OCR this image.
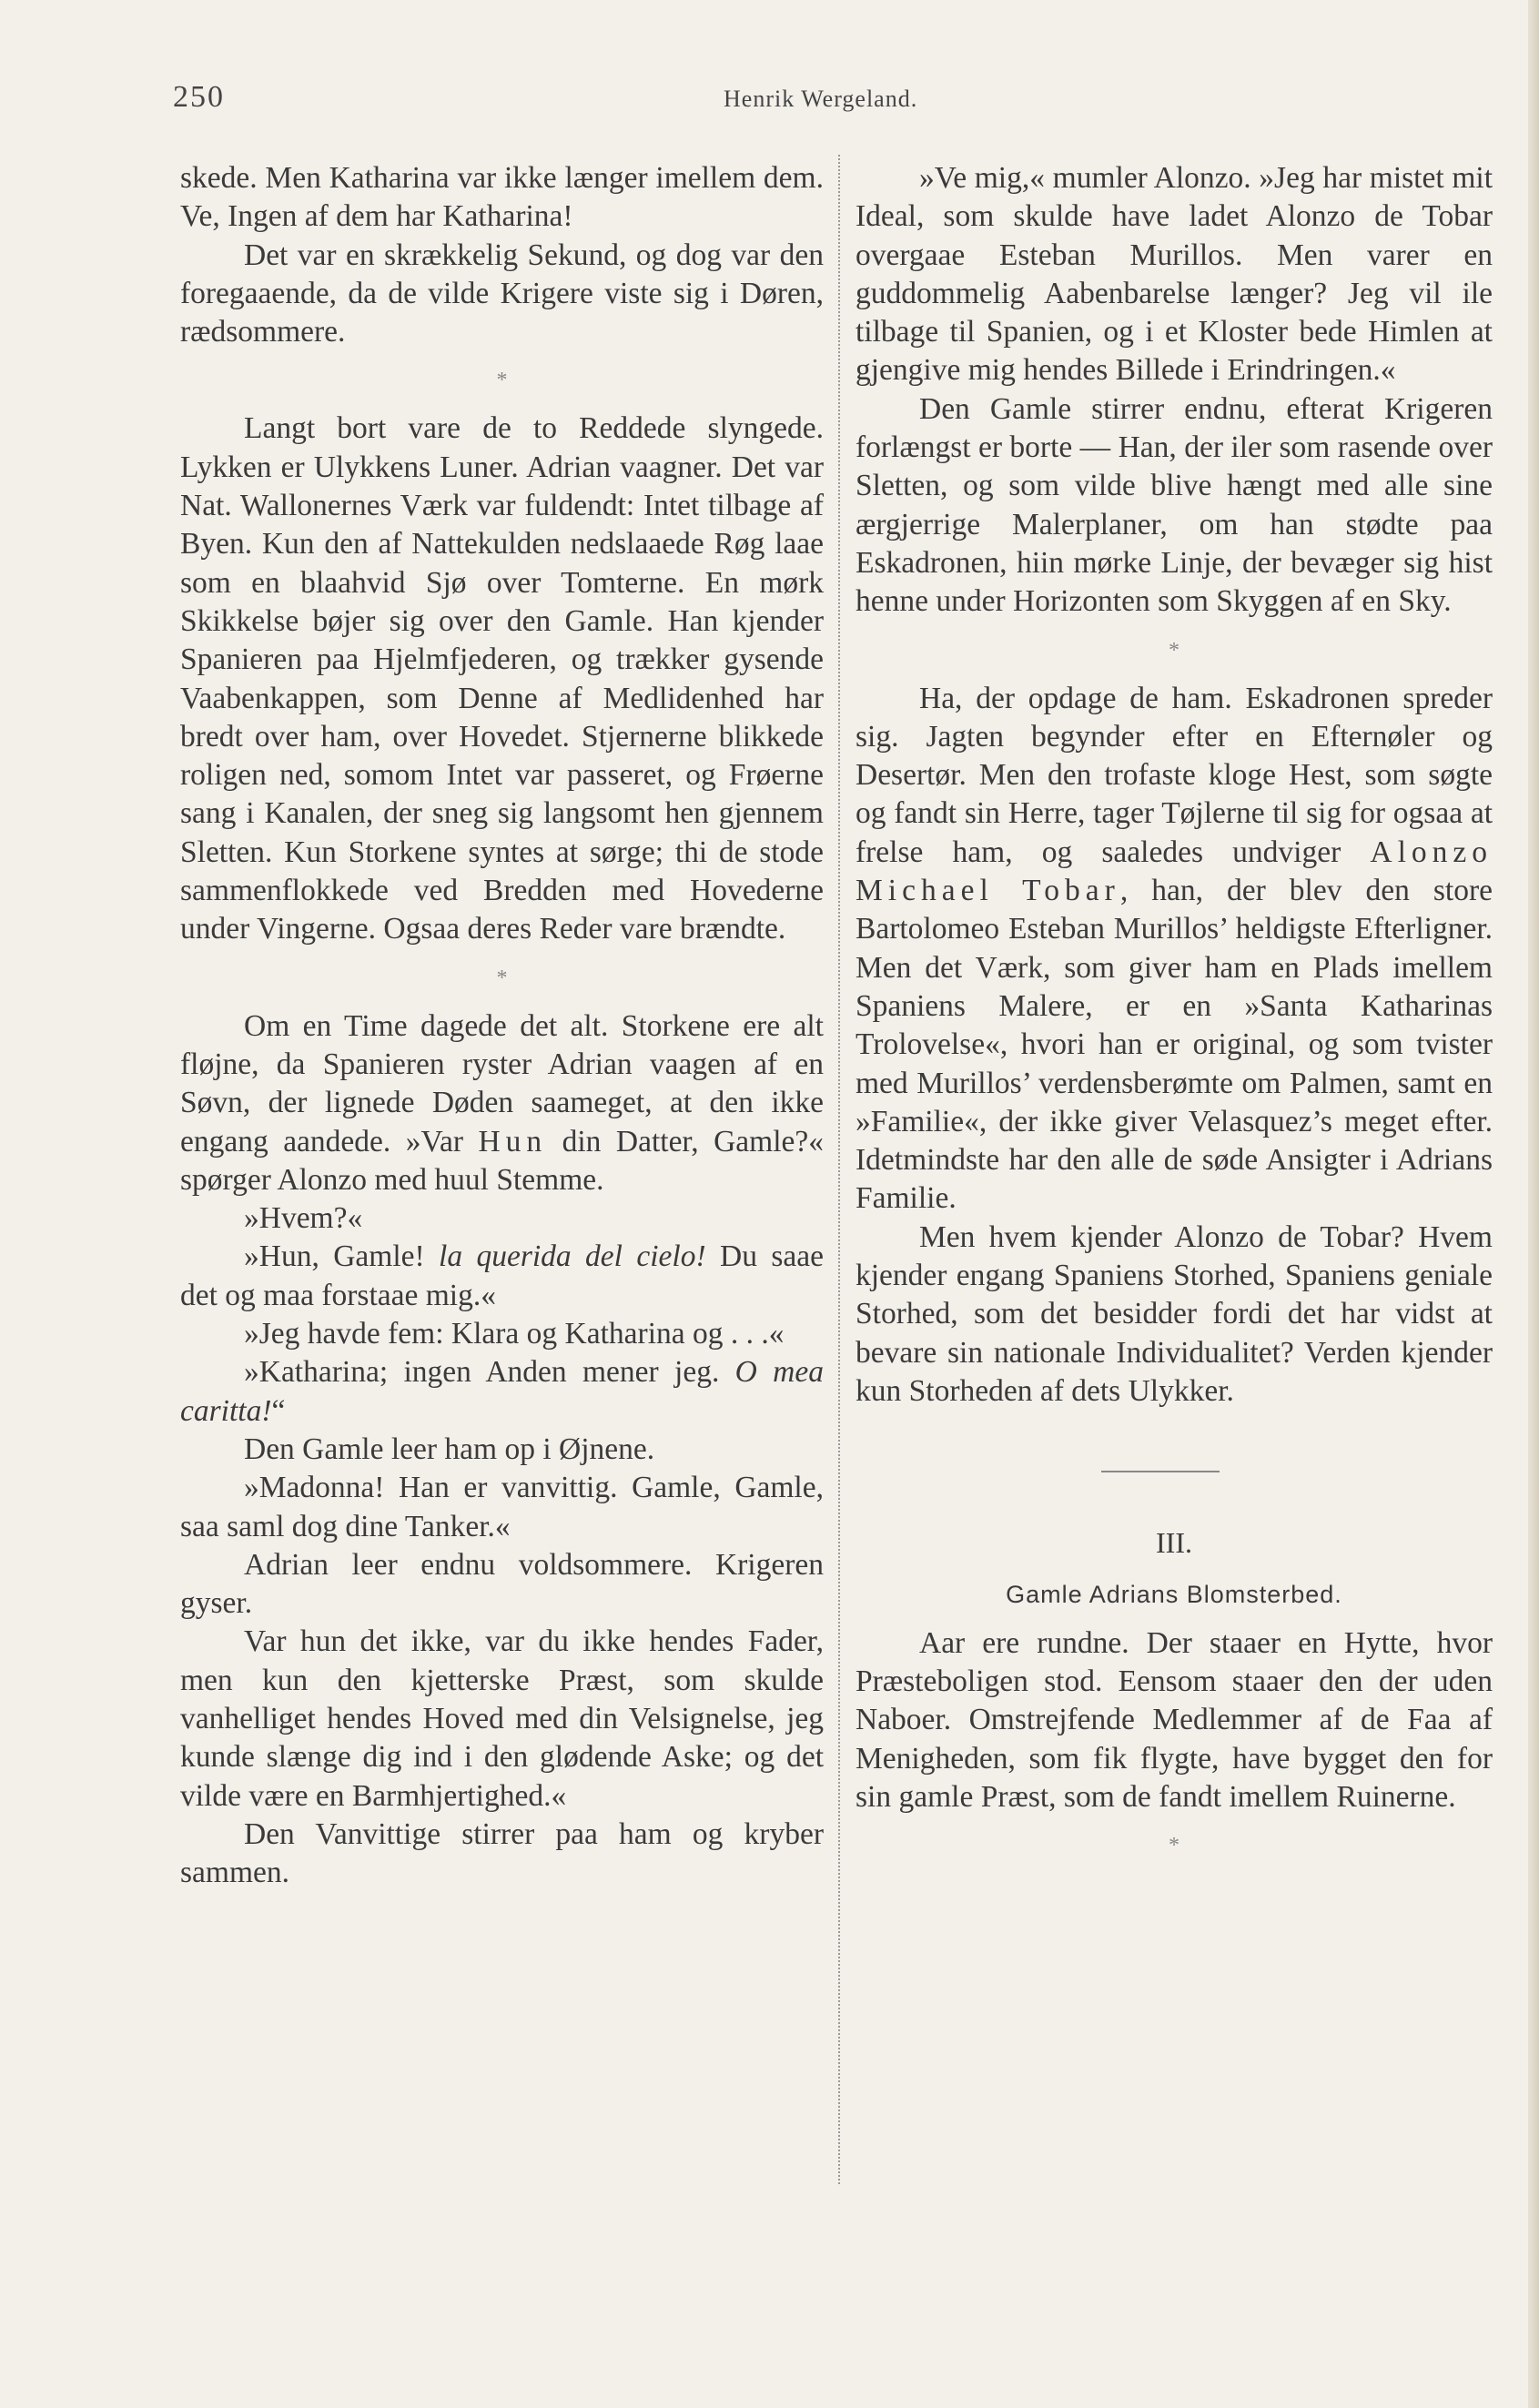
250	Henrik Wergeland.

skede. Men Katharina var ikke længer imellem dem. Ve, Ingen af dem har Katharina!

Det var en skrækkelig Sekund, og dog var den foregaaende, da de vilde Krigere viste sig i Døren, rædsommere.

*

Langt bort vare de to Reddede slyngede. Lykken er Ulykkens Luner. Adrian vaagner. Det var Nat. Wallonernes Værk var fuldendt: Intet tilbage af Byen. Kun den af Nattekulden nedslaaede Røg laae som en blaahvid Sjø over Tomterne. En mørk Skikkelse bøjer sig over den Gamle. Han kjender Spanieren paa Hjelmfjederen, og trækker gysende Vaabenkappen, som Denne af Medlidenhed har bredt over ham, over Hovedet. Stjernerne blikkede roligen ned, somom Intet var passeret, og Frøerne sang i Kanalen, der sneg sig langsomt hen gjennem Sletten. Kun Storkene syntes at sørge; thi de stode sammenflokkede ved Bredden med Hovederne under Vingerne. Ogsaa deres Reder vare brændte.

*

Om en Time dagede det alt. Storkene ere alt fløjne, da Spanieren ryster Adrian vaagen af en Søvn, der lignede Døden saameget, at den ikke engang aandede. »Var Hun din Datter, Gamle?« spørger Alonzo med huul Stemme.

»Hvem?«

»Hun, Gamle! la querida del cielo! Du saae det og maa forstaae mig.«

»Jeg havde fem: Klara og Katharina og . . .«

»Katharina; ingen Anden mener jeg. O mea caritta!“

Den Gamle leer ham op i Øjnene.

»Madonna! Han er vanvittig. Gamle, Gamle, saa saml dog dine Tanker.«

Adrian leer endnu voldsommere. Krigeren gyser.

Var hun det ikke, var du ikke hendes Fader, men kun den kjetterske Præst, som skulde vanhelliget hendes Hoved med din Velsignelse, jeg kunde slænge dig ind i den glødende Aske; og det vilde være en Barmhjertighed.«

Den Vanvittige stirrer paa ham og kryber sammen.

»Ve mig,« mumler Alonzo. »Jeg har mistet mit Ideal, som skulde have ladet Alonzo de Tobar overgaae Esteban Murillos. Men varer en guddommelig Aabenbarelse længer? Jeg vil ile tilbage til Spanien, og i et Kloster bede Himlen at gjengive mig hendes Billede i Erindringen.«

Den Gamle stirrer endnu, efterat Krigeren forlængst er borte — Han, der iler som rasende over Sletten, og som vilde blive hængt med alle sine ærgjerrige Malerplaner, om han stødte paa Eskadronen, hiin mørke Linje, der bevæger sig hist henne under Horizonten som Skyggen af en Sky.

*

Ha, der opdage de ham. Eskadronen spreder sig. Jagten begynder efter en Efternøler og Desertør. Men den trofaste kloge Hest, som søgte og fandt sin Herre, tager Tøjlerne til sig for ogsaa at frelse ham, og saaledes undviger Alonzo Michael Tobar, han, der blev den store Bartolomeo Esteban Murillos’ heldigste Efterligner. Men det Værk, som giver ham en Plads imellem Spaniens Malere, er en »Santa Katharinas Trolovelse«, hvori han er original, og som tvister med Murillos’ verdensberømte om Palmen, samt en »Familie«, der ikke giver Velasquez’s meget efter. Idetmindste har den alle de søde Ansigter i Adrians Familie.

Men hvem kjender Alonzo de Tobar? Hvem kjender engang Spaniens Storhed, Spaniens geniale Storhed, som det besidder fordi det har vidst at bevare sin nationale Individualitet? Verden kjender kun Storheden af dets Ulykker.

III.
Gamle Adrians Blomsterbed.

Aar ere rundne. Der staaer en Hytte, hvor Præsteboligen stod. Eensom staaer den der uden Naboer. Omstrejfende Medlemmer af de Faa af Menigheden, som fik flygte, have bygget den for sin gamle Præst, som de fandt imellem Ruinerne.

*
